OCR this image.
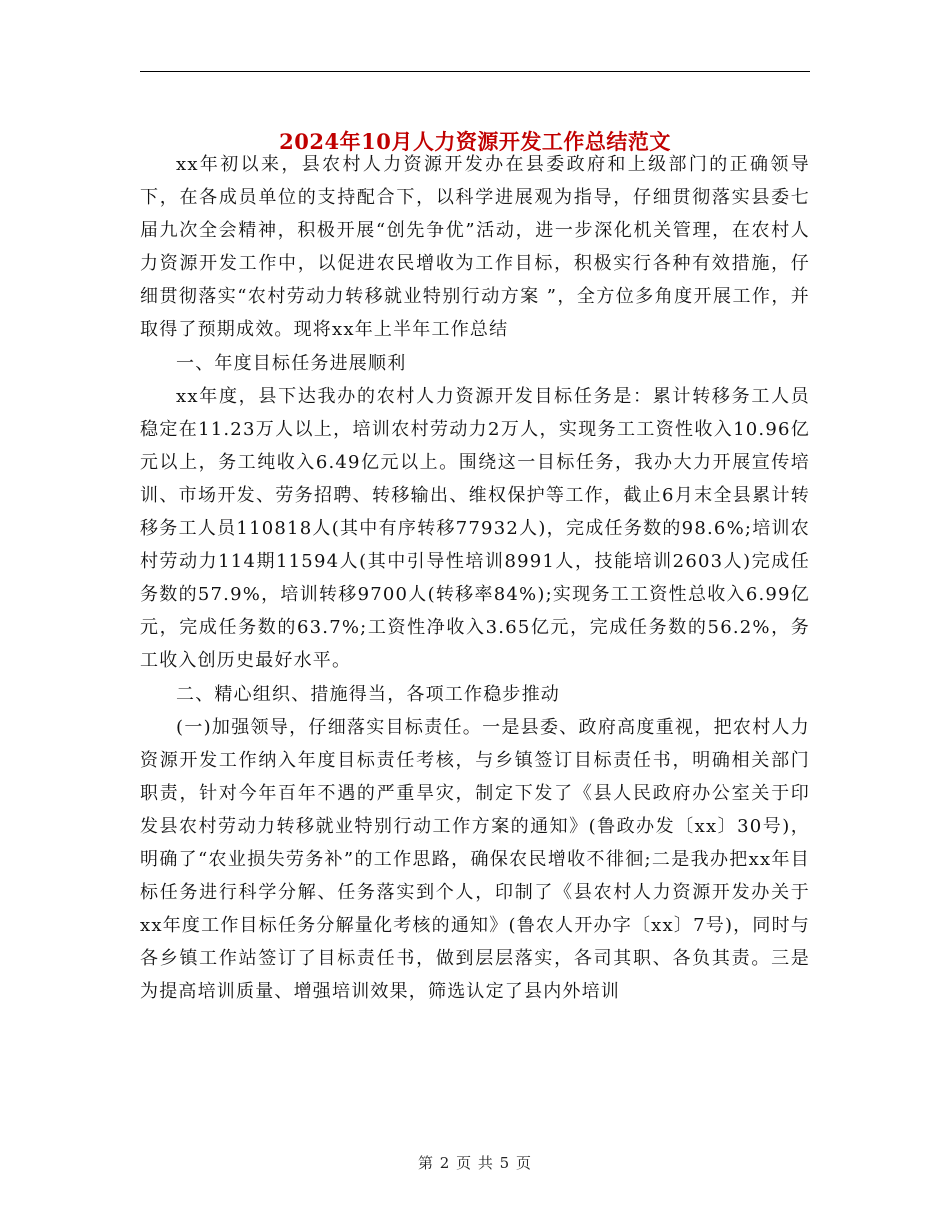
2024年10月人力资源开发工作总结范文

xx年初以来，县农村人力资源开发办在县委政府和上级部门的正确领导下，在各成员单位的支持配合下，以科学进展观为指导，仔细贯彻落实县委七届九次全会精神，积极开展“创先争优”活动，进一步深化机关管理，在农村人力资源开发工作中，以促进农民增收为工作目标，积极实行各种有效措施，仔细贯彻落实“农村劳动力转移就业特别行动方案 ”，全方位多角度开展工作，并取得了预期成效。现将xx年上半年工作总结

一、年度目标任务进展顺利

xx年度，县下达我办的农村人力资源开发目标任务是：累计转移务工人员稳定在11.23万人以上，培训农村劳动力2万人，实现务工工资性收入10.96亿元以上，务工纯收入6.49亿元以上。围绕这一目标任务，我办大力开展宣传培训、市场开发、劳务招聘、转移输出、维权保护等工作，截止6月末全县累计转移务工人员110818人(其中有序转移77932人)，完成任务数的98.6%;培训农村劳动力114期11594人(其中引导性培训8991人，技能培训2603人)完成任务数的57.9%，培训转移9700人(转移率84%);实现务工工资性总收入6.99亿元，完成任务数的63.7%;工资性净收入3.65亿元，完成任务数的56.2%，务工收入创历史最好水平。

二、精心组织、措施得当，各项工作稳步推动

(一)加强领导，仔细落实目标责任。一是县委、政府高度重视，把农村人力资源开发工作纳入年度目标责任考核，与乡镇签订目标责任书，明确相关部门职责，针对今年百年不遇的严重旱灾，制定下发了《县人民政府办公室关于印发县农村劳动力转移就业特别行动工作方案的通知》(鲁政办发〔xx〕30号)，明确了“农业损失劳务补”的工作思路，确保农民增收不徘徊;二是我办把xx年目标任务进行科学分解、任务落实到个人，印制了《县农村人力资源开发办关于xx年度工作目标任务分解量化考核的通知》(鲁农人开办字〔xx〕7号)，同时与各乡镇工作站签订了目标责任书，做到层层落实，各司其职、各负其责。三是为提高培训质量、增强培训效果，筛选认定了县内外培训

第 2 页 共 5 页
